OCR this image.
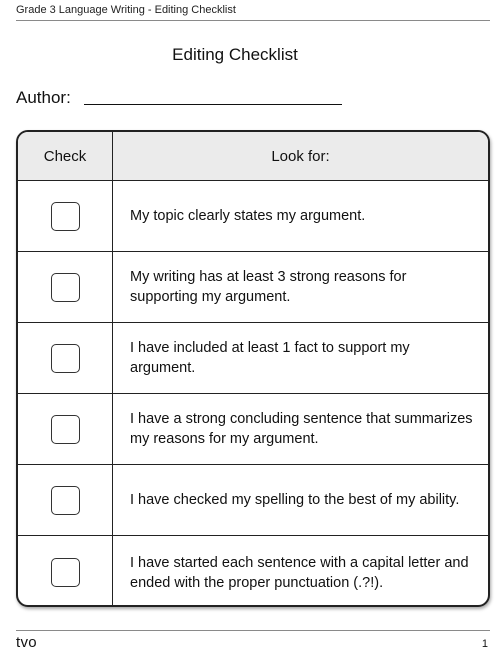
Grade 3 Language Writing - Editing Checklist
Editing Checklist
Author:
Check	Look for:
My topic clearly states my argument.
My writing has at least 3 strong reasons for supporting my argument.
I have included at least 1 fact to support my argument.
I have a strong concluding sentence that summarizes my reasons for my argument.
I have checked my spelling to the best of my ability.
I have started each sentence with a capital letter and ended with the proper punctuation (.?!).
tvo	1
